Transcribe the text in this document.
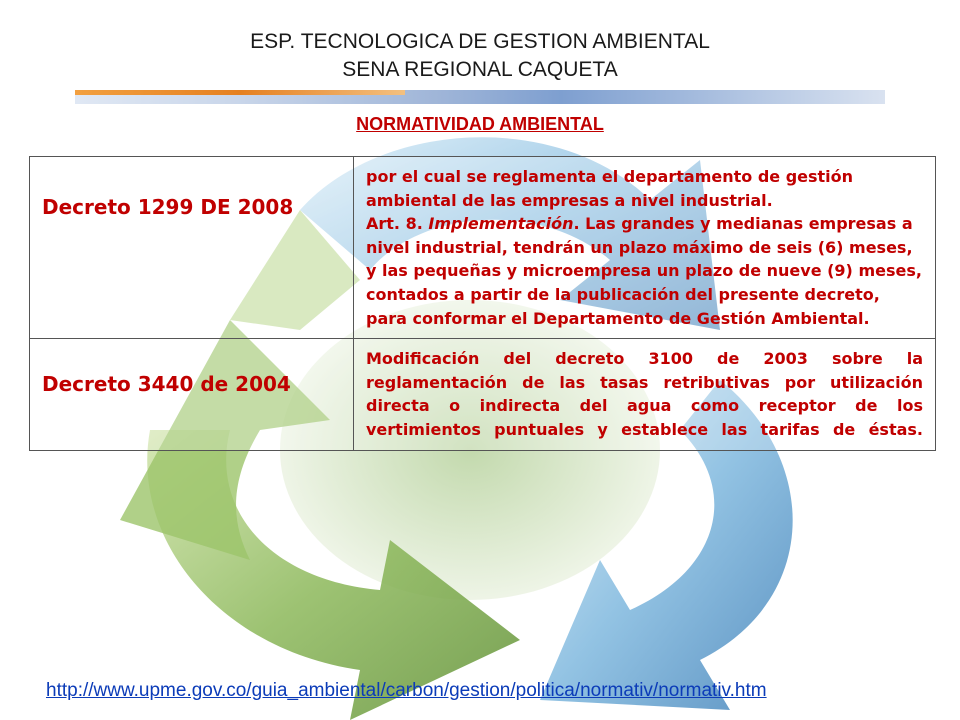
ESP. TECNOLOGICA DE GESTION AMBIENTAL
SENA REGIONAL CAQUETA
NORMATIVIDAD AMBIENTAL
Decreto 1299 DE 2008	por el cual se reglamenta el departamento de gestión ambiental de las empresas a nivel industrial.
Art. 8. Implementación. Las grandes y medianas empresas a nivel industrial, tendrán un plazo máximo de seis (6) meses, y las pequeñas y microempresa un plazo de nueve (9) meses, contados a partir de la publicación del presente decreto, para conformar el Departamento de Gestión Ambiental.
Decreto 3440 de 2004	Modificación del decreto 3100 de 2003 sobre la reglamentación de las tasas retributivas por utilización directa o indirecta del agua como receptor de los vertimientos puntuales y establece las tarifas de éstas.
http://www.upme.gov.co/guia_ambiental/carbon/gestion/politica/normativ/normativ.htm
